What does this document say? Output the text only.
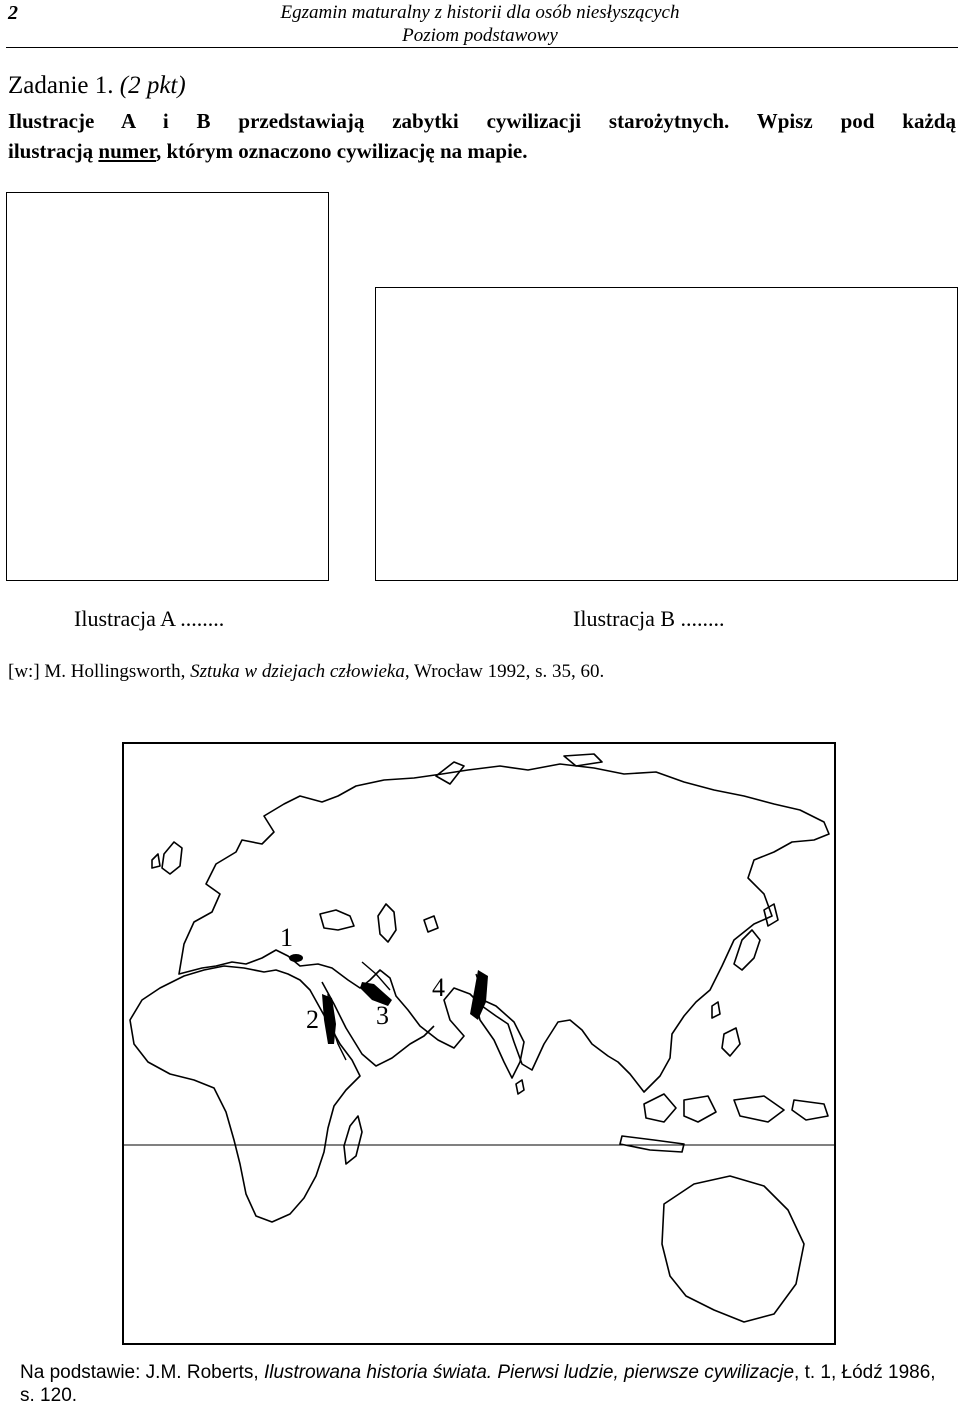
2	Egzamin maturalny z historii dla osób niesłyszących
Poziom podstawowy
Zadanie 1. (2 pkt)
Ilustracje A i B przedstawiają zabytki cywilizacji starożytnych. Wpisz pod każdą
ilustracją numer, którym oznaczono cywilizację na mapie.
Ilustracja A ........	Ilustracja B ........
[w:] M. Hollingsworth, Sztuka w dziejach człowieka, Wrocław 1992, s. 35, 60.
1
2 3
4
Na podstawie: J.M. Roberts, Ilustrowana historia świata. Pierwsi ludzie, pierwsze cywilizacje, t. 1, Łódź 1986, s. 120.
